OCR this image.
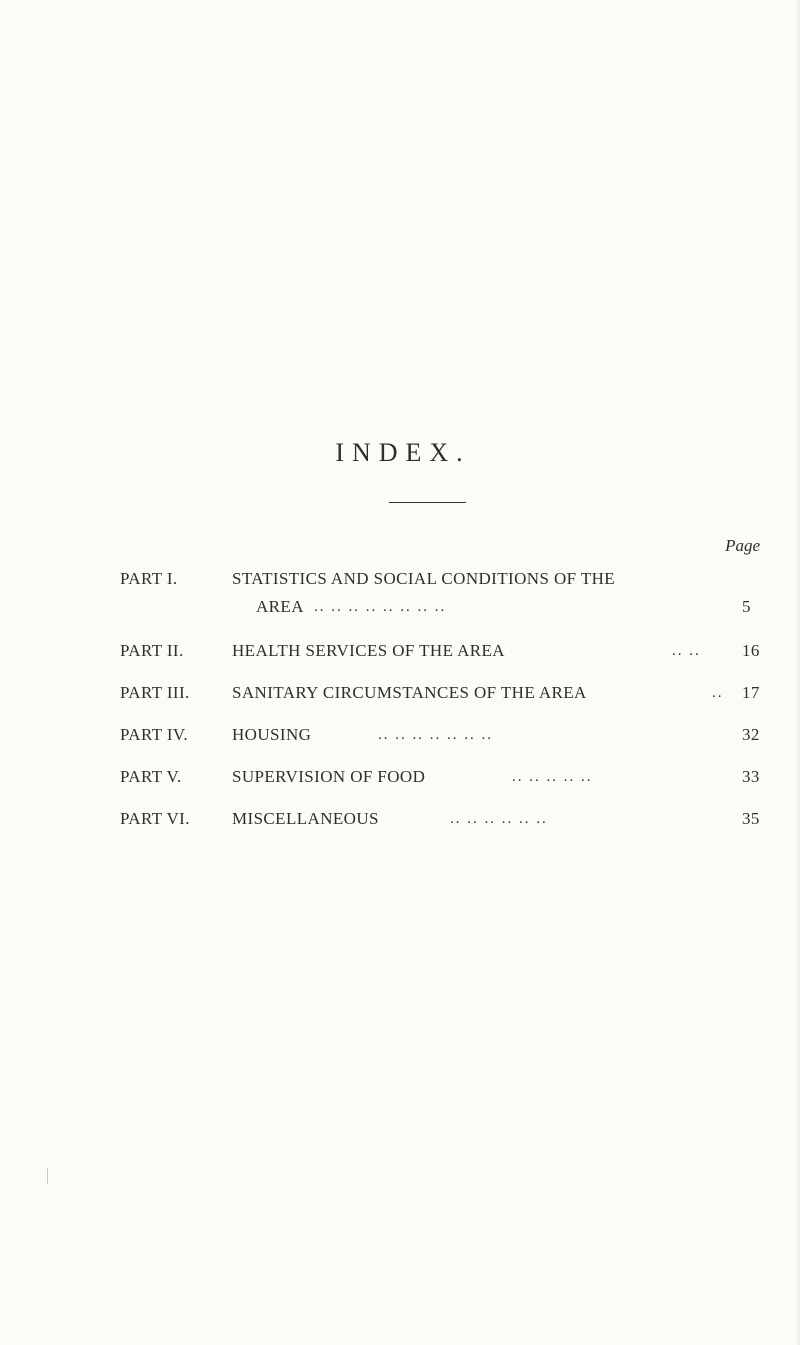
INDEX.
Page
PART I.	STATISTICS AND SOCIAL CONDITIONS OF THE
AREA .. .. .. .. .. .. .. ..	5
PART II.	HEALTH SERVICES OF THE AREA	.. .. 16
PART III. SANITARY CIRCUMSTANCES OF THE AREA	.. 17
PART IV.	HOUSING	.. .. .. .. .. .. ..	32
PART V.	SUPERVISION OF FOOD	.. .. .. .. ..	33
PART VI. MISCELLANEOUS	.. .. .. .. .. ..	35
